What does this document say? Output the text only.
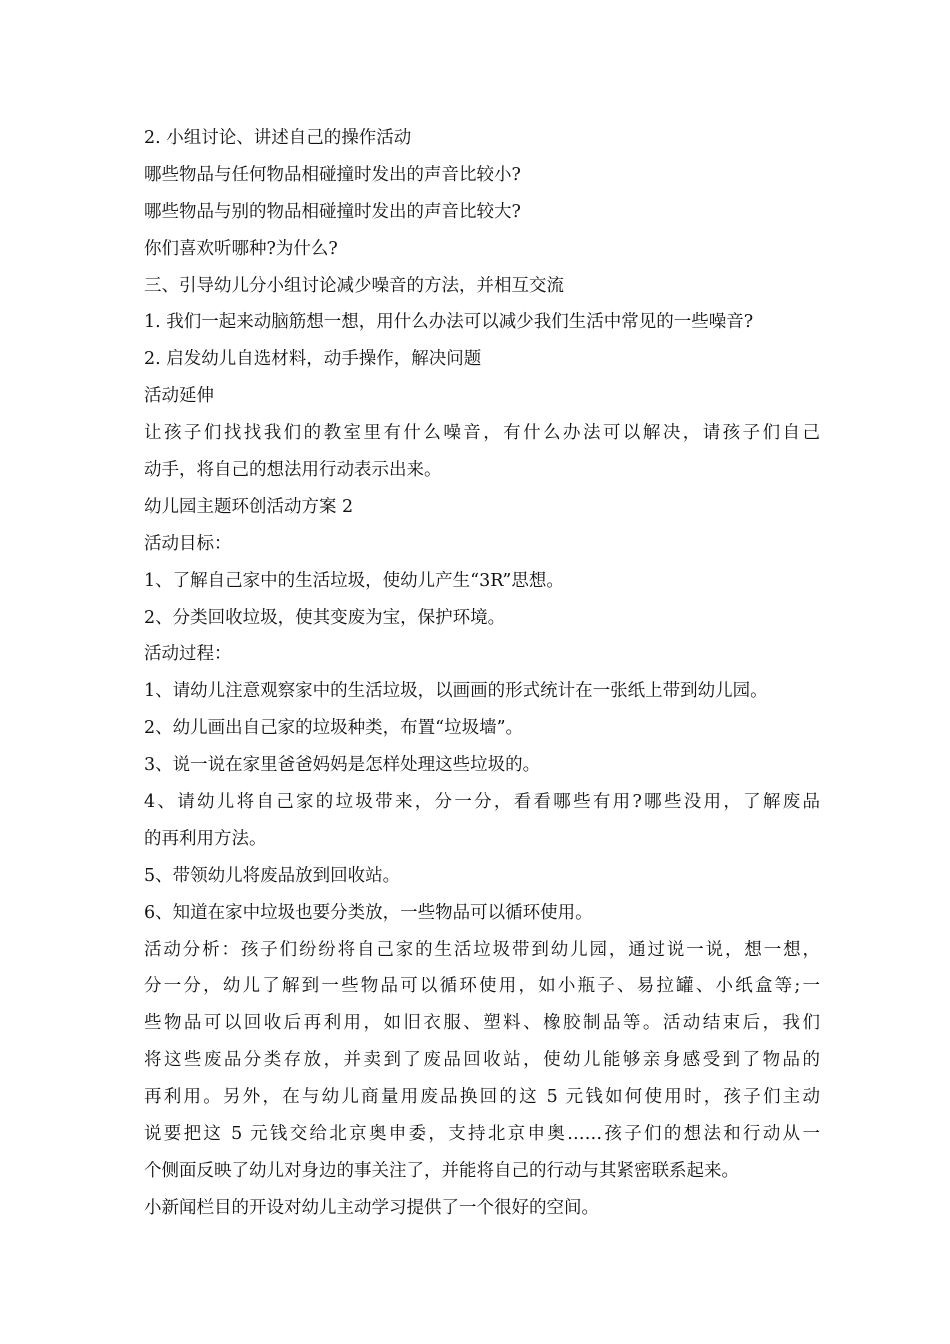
2. 小组讨论、讲述自己的操作活动
哪些物品与任何物品相碰撞时发出的声音比较小?
哪些物品与别的物品相碰撞时发出的声音比较大?
你们喜欢听哪种?为什么?
三、引导幼儿分小组讨论减少噪音的方法，并相互交流
1. 我们一起来动脑筋想一想，用什么办法可以减少我们生活中常见的一些噪音?
2. 启发幼儿自选材料，动手操作，解决问题
活动延伸
让孩子们找找我们的教室里有什么噪音，有什么办法可以解决，请孩子们自己
动手，将自己的想法用行动表示出来。
幼儿园主题环创活动方案 2
活动目标：
1、了解自己家中的生活垃圾，使幼儿产生“3R”思想。
2、分类回收垃圾，使其变废为宝，保护环境。
活动过程：
1、请幼儿注意观察家中的生活垃圾，以画画的形式统计在一张纸上带到幼儿园。
2、幼儿画出自己家的垃圾种类，布置“垃圾墙”。
3、说一说在家里爸爸妈妈是怎样处理这些垃圾的。
4、请幼儿将自己家的垃圾带来，分一分，看看哪些有用?哪些没用，了解废品
的再利用方法。
5、带领幼儿将废品放到回收站。
6、知道在家中垃圾也要分类放，一些物品可以循环使用。
活动分析：孩子们纷纷将自己家的生活垃圾带到幼儿园，通过说一说，想一想，
分一分，幼儿了解到一些物品可以循环使用，如小瓶子、易拉罐、小纸盒等;一
些物品可以回收后再利用，如旧衣服、塑料、橡胶制品等。活动结束后，我们
将这些废品分类存放，并卖到了废品回收站，使幼儿能够亲身感受到了物品的
再利用。另外，在与幼儿商量用废品换回的这 5 元钱如何使用时，孩子们主动
说要把这 5 元钱交给北京奥申委，支持北京申奥……孩子们的想法和行动从一
个侧面反映了幼儿对身边的事关注了，并能将自己的行动与其紧密联系起来。
小新闻栏目的开设对幼儿主动学习提供了一个很好的空间。
